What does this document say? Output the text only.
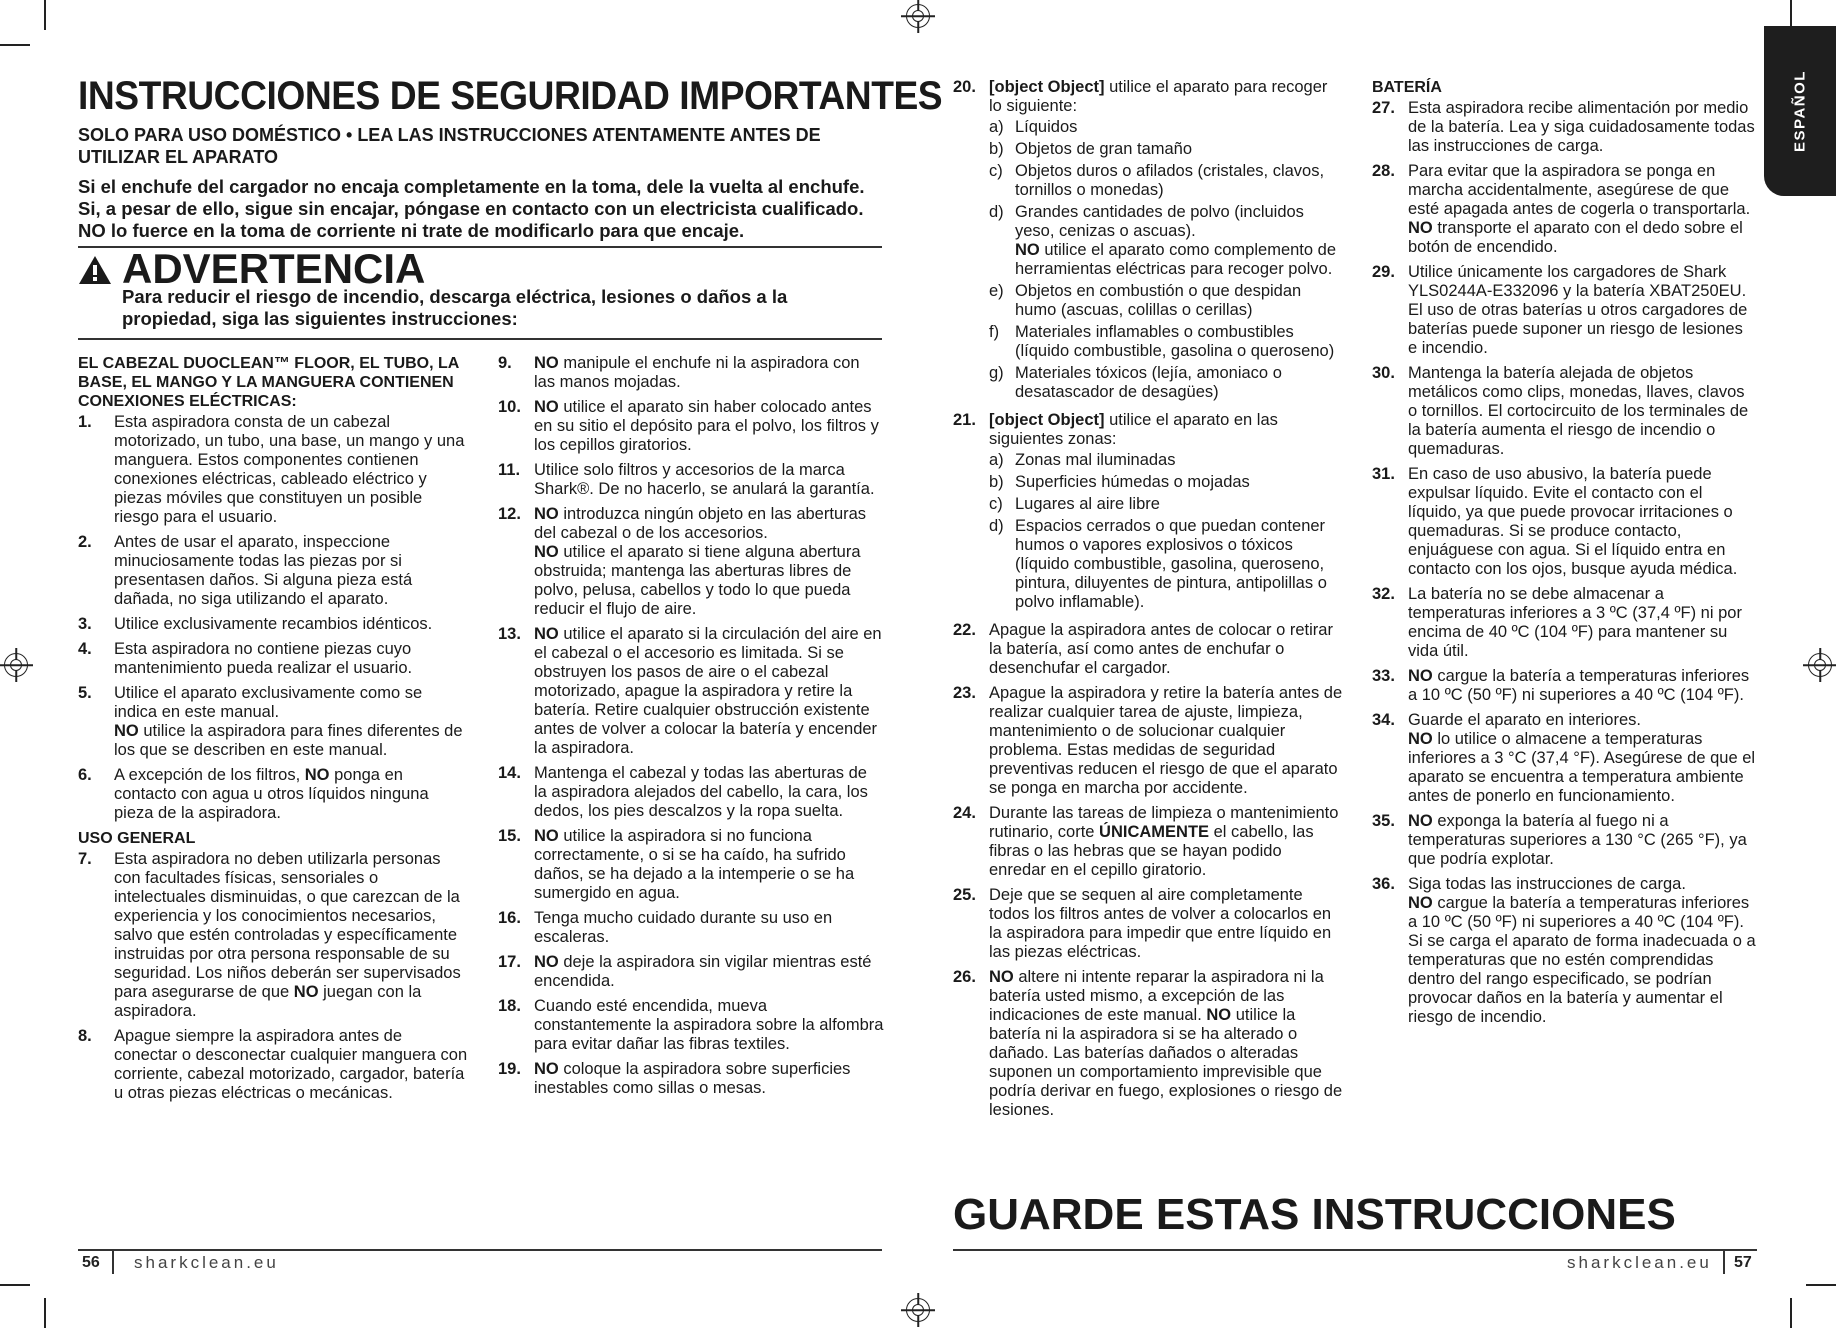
ESPAÑOL
INSTRUCCIONES DE SEGURIDAD IMPORTANTES
SOLO PARA USO DOMÉSTICO • LEA LAS INSTRUCCIONES ATENTAMENTE ANTES DE UTILIZAR EL APARATO
Si el enchufe del cargador no encaja completamente en la toma, dele la vuelta al enchufe. Si, a pesar de ello, sigue sin encajar, póngase en contacto con un electricista cualificado. NO lo fuerce en la toma de corriente ni trate de modificarlo para que encaje.
ADVERTENCIA
Para reducir el riesgo de incendio, descarga eléctrica, lesiones o daños a la propiedad, siga las siguientes instrucciones:
EL CABEZAL DUOCLEAN™ FLOOR, EL TUBO, LA BASE, EL MANGO Y LA MANGUERA CONTIENEN CONEXIONES ELÉCTRICAS:
1.	Esta aspiradora consta de un cabezal motorizado, un tubo, una base, un mango y una manguera. Estos componentes contienen conexiones eléctricas, cableado eléctrico y piezas móviles que constituyen un posible riesgo para el usuario.
2.	Antes de usar el aparato, inspeccione minuciosamente todas las piezas por si presentasen daños. Si alguna pieza está dañada, no siga utilizando el aparato.
3.	Utilice exclusivamente recambios idénticos.
4.	Esta aspiradora no contiene piezas cuyo mantenimiento pueda realizar el usuario.
5.	Utilice el aparato exclusivamente como se indica en este manual.
NO utilice la aspiradora para fines diferentes de los que se describen en este manual.
6.	A excepción de los filtros, NO ponga en contacto con agua u otros líquidos ninguna pieza de la aspiradora.
USO GENERAL
7.	Esta aspiradora no deben utilizarla personas con facultades físicas, sensoriales o intelectuales disminuidas, o que carezcan de la experiencia y los conocimientos necesarios, salvo que estén controladas y específicamente instruidas por otra persona responsable de su seguridad. Los niños deberán ser supervisados para asegurarse de que NO juegan con la aspiradora.
8.	Apague siempre la aspiradora antes de conectar o desconectar cualquier manguera con corriente, cabezal motorizado, cargador, batería u otras piezas eléctricas o mecánicas.
9.	NO manipule el enchufe ni la aspiradora con las manos mojadas.
10. NO utilice el aparato sin haber colocado antes en su sitio el depósito para el polvo, los filtros y los cepillos giratorios.
11. Utilice solo filtros y accesorios de la marca Shark®. De no hacerlo, se anulará la garantía.
12. NO introduzca ningún objeto en las aberturas del cabezal o de los accesorios.
NO utilice el aparato si tiene alguna abertura obstruida; mantenga las aberturas libres de polvo, pelusa, cabellos y todo lo que pueda reducir el flujo de aire.
13. NO utilice el aparato si la circulación del aire en el cabezal o el accesorio es limitada. Si se obstruyen los pasos de aire o el cabezal motorizado, apague la aspiradora y retire la batería. Retire cualquier obstrucción existente antes de volver a colocar la batería y encender la aspiradora.
14. Mantenga el cabezal y todas las aberturas de la aspiradora alejados del cabello, la cara, los dedos, los pies descalzos y la ropa suelta.
15. NO utilice la aspiradora si no funciona correctamente, o si se ha caído, ha sufrido daños, se ha dejado a la intemperie o se ha sumergido en agua.
16. Tenga mucho cuidado durante su uso en escaleras.
17. NO deje la aspiradora sin vigilar mientras esté encendida.
18. Cuando esté encendida, mueva constantemente la aspiradora sobre la alfombra para evitar dañar las fibras textiles.
19. NO coloque la aspiradora sobre superficies inestables como sillas o mesas.
20. [object Object] utilice el aparato para recoger lo siguiente:
a) Líquidos
b) Objetos de gran tamaño
c) Objetos duros o afilados (cristales, clavos, tornillos o monedas)
d) Grandes cantidades de polvo (incluidos yeso, cenizas o ascuas).
NO utilice el aparato como complemento de herramientas eléctricas para recoger polvo.
e) Objetos en combustión o que despidan humo (ascuas, colillas o cerillas)
f) Materiales inflamables o combustibles (líquido combustible, gasolina o queroseno)
g) Materiales tóxicos (lejía, amoniaco o desatascador de desagües)
21. [object Object] utilice el aparato en las siguientes zonas:
a) Zonas mal iluminadas
b) Superficies húmedas o mojadas
c) Lugares al aire libre
d) Espacios cerrados o que puedan contener humos o vapores explosivos o tóxicos (líquido combustible, gasolina, queroseno, pintura, diluyentes de pintura, antipolillas o polvo inflamable).
22. Apague la aspiradora antes de colocar o retirar la batería, así como antes de enchufar o desenchufar el cargador.
23. Apague la aspiradora y retire la batería antes de realizar cualquier tarea de ajuste, limpieza, mantenimiento o de solucionar cualquier problema. Estas medidas de seguridad preventivas reducen el riesgo de que el aparato se ponga en marcha por accidente.
24. Durante las tareas de limpieza o mantenimiento rutinario, corte ÚNICAMENTE el cabello, las fibras o las hebras que se hayan podido enredar en el cepillo giratorio.
25. Deje que se sequen al aire completamente todos los filtros antes de volver a colocarlos en la aspiradora para impedir que entre líquido en las piezas eléctricas.
26. NO altere ni intente reparar la aspiradora ni la batería usted mismo, a excepción de las indicaciones de este manual. NO utilice la batería ni la aspiradora si se ha alterado o dañado. Las baterías dañados o alteradas suponen un comportamiento imprevisible que podría derivar en fuego, explosiones o riesgo de lesiones.
BATERÍA
27. Esta aspiradora recibe alimentación por medio de la batería. Lea y siga cuidadosamente todas las instrucciones de carga.
28. Para evitar que la aspiradora se ponga en marcha accidentalmente, asegúrese de que esté apagada antes de cogerla o transportarla. NO transporte el aparato con el dedo sobre el botón de encendido.
29. Utilice únicamente los cargadores de Shark YLS0244A-E332096 y la batería XBAT250EU. El uso de otras baterías u otros cargadores de baterías puede suponer un riesgo de lesiones e incendio.
30. Mantenga la batería alejada de objetos metálicos como clips, monedas, llaves, clavos o tornillos. El cortocircuito de los terminales de la batería aumenta el riesgo de incendio o quemaduras.
31. En caso de uso abusivo, la batería puede expulsar líquido. Evite el contacto con el líquido, ya que puede provocar irritaciones o quemaduras. Si se produce contacto, enjuáguese con agua. Si el líquido entra en contacto con los ojos, busque ayuda médica.
32. La batería no se debe almacenar a temperaturas inferiores a 3 ºC (37,4 ºF) ni por encima de 40 ºC (104 ºF) para mantener su vida útil.
33. NO cargue la batería a temperaturas inferiores a 10 ºC (50 ºF) ni superiores a 40 ºC (104 ºF).
34. Guarde el aparato en interiores.
NO lo utilice o almacene a temperaturas inferiores a 3 °C (37,4 °F). Asegúrese de que el aparato se encuentra a temperatura ambiente antes de ponerlo en funcionamiento.
35. NO exponga la batería al fuego ni a temperaturas superiores a 130 °C (265 °F), ya que podría explotar.
36. Siga todas las instrucciones de carga.
NO cargue la batería a temperaturas inferiores a 10 ºC (50 ºF) ni superiores a 40 ºC (104 ºF). Si se carga el aparato de forma inadecuada o a temperaturas que no estén comprendidas dentro del rango especificado, se podrían provocar daños en la batería y aumentar el riesgo de incendio.
GUARDE ESTAS INSTRUCCIONES
56 sharkclean.eu	sharkclean.eu 57
